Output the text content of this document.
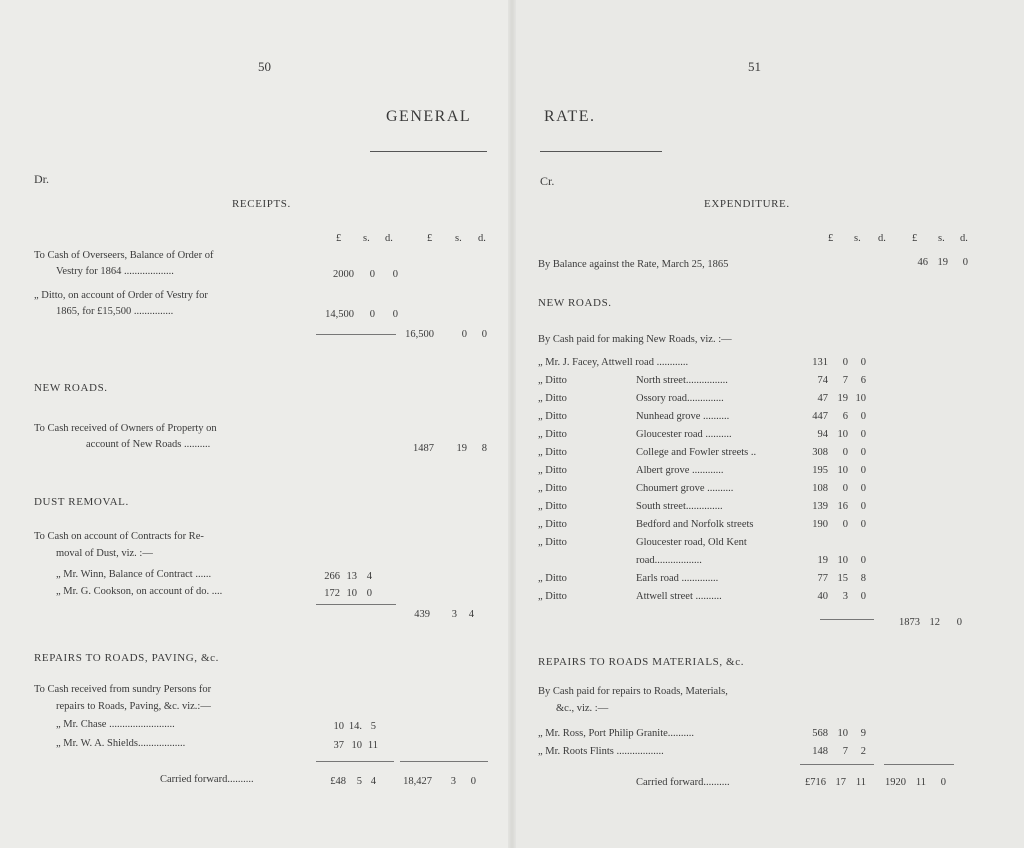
50	51
GENERAL	RATE.
Dr.
RECEIPTS.
£ s. d.	£ s. d.
To Cash of Overseers, Balance of Order of
Vestry for 1864 ...................	2000	0	0
„ Ditto, on account of Order of Vestry for
1865, for £15,500 ...............	14,500	0	0
16,500	0	0
NEW ROADS.
To Cash received of Owners of Property on
account of New Roads ..........	1487	19	8
DUST REMOVAL.
To Cash on account of Contracts for Re-
moval of Dust, viz. :—
„ Mr. Winn, Balance of Contract ......	266 13 4
„ Mr. G. Cookson, on account of do. ....	172 10 0
439	3	4
REPAIRS TO ROADS, PAVING, &c.
To Cash received from sundry Persons for
repairs to Roads, Paving, &c. viz.:—
„ Mr. Chase .........................	10 14. 5
„ Mr. W. A. Shields..................	37 10 11
Carried forward..........	£48	5 4	18,427	3	0
Cr.
EXPENDITURE.
£ s. d. £ s. d.
By Balance against the Rate, March 25, 1865	46 19	0
NEW ROADS.
By Cash paid for making New Roads, viz. :—
„ Mr. J. Facey, Attwell road ............	131	0	0
„ Ditto	North street................	74	7	6
„ Ditto	Ossory road..............	47 19 10
„ Ditto	Nunhead grove ..........	447	6	0
„ Ditto	Gloucester road ..........	94 10	0
„ Ditto	College and Fowler streets ..	308	0	0
„ Ditto	Albert grove ............	195 10	0
„ Ditto	Choumert grove ..........	108	0	0
„ Ditto	South street..............	139 16	0
„ Ditto	Bedford and Norfolk streets	190	0	0
„ Ditto	Gloucester road, Old Kent
road..................	19 10	0
„ Ditto	Earls road ..............	77 15	8
„ Ditto	Attwell street ..........	40	3	0
1873 12	0
REPAIRS TO ROADS MATERIALS, &c.
By Cash paid for repairs to Roads, Materials,
&c., viz. :—
„ Mr. Ross, Port Philip Granite..........	568 10	9
„ Mr. Roots Flints ..................	148	7	2
Carried forward..........	£716 17 11	1920 11	0
